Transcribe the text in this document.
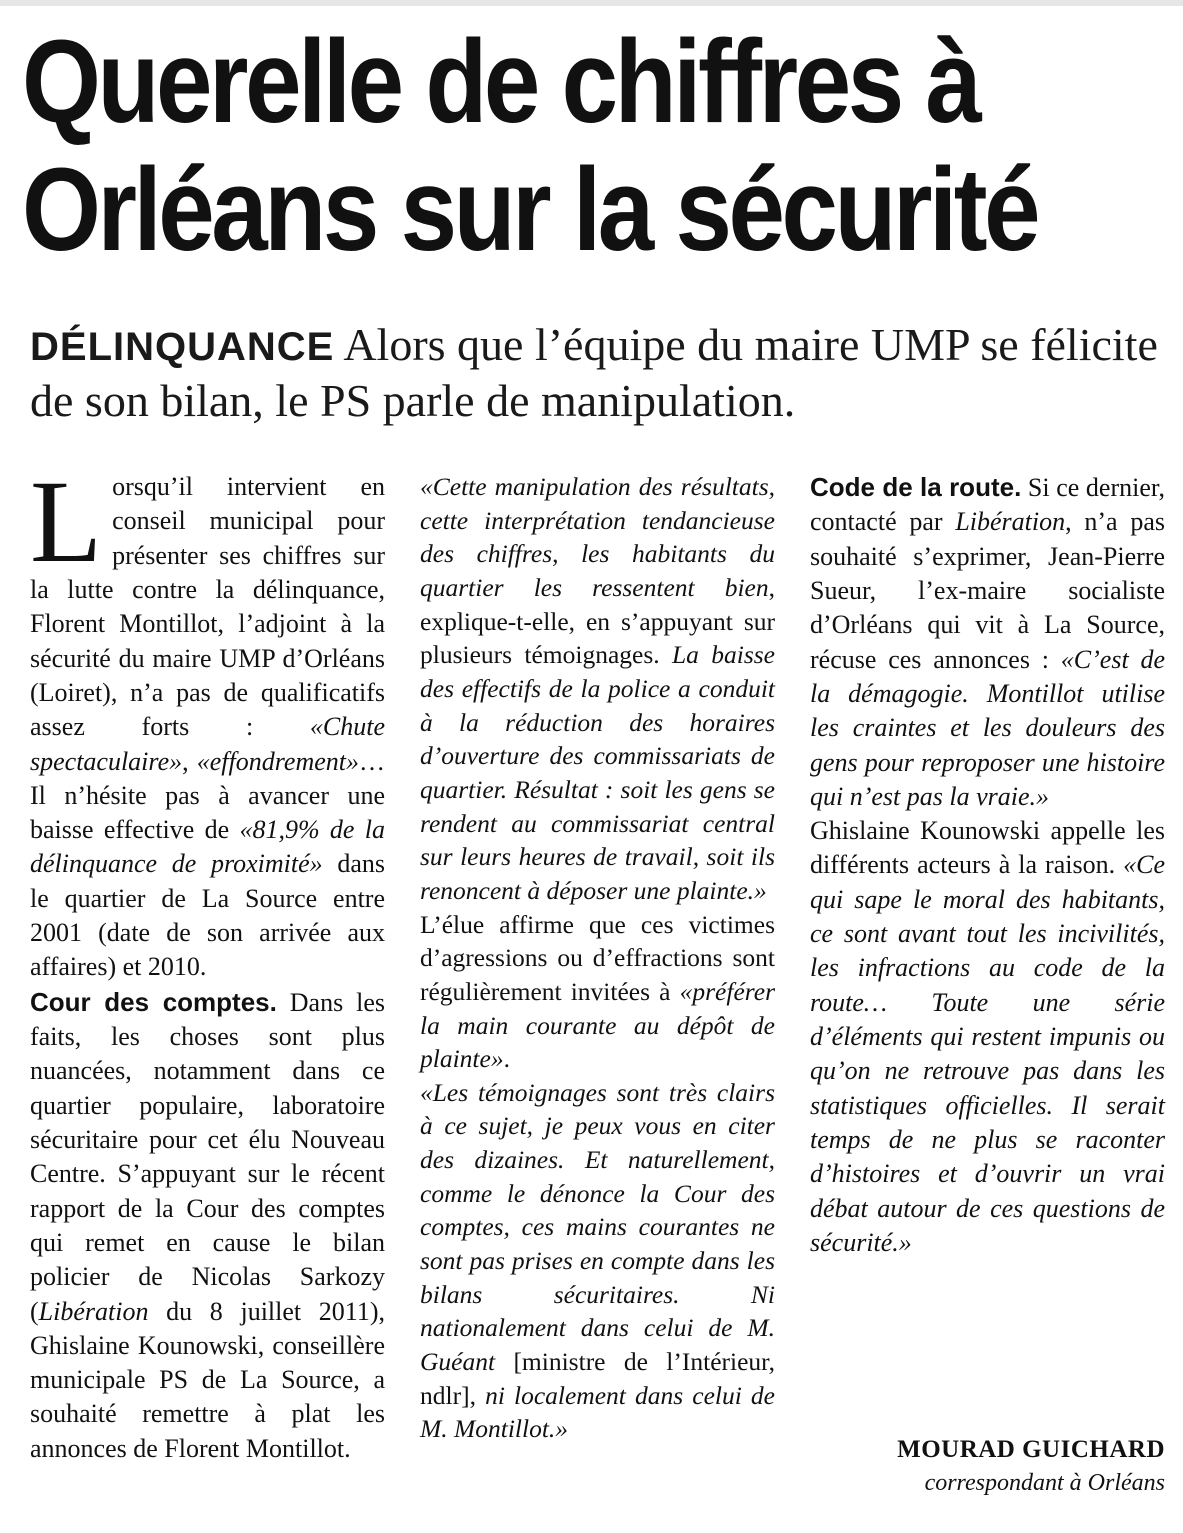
Querelle de chiffres à
Orléans sur la sécurité
DÉLINQUANCE Alors que l’équipe du maire UMP se félicite de son bilan, le PS parle de manipulation.

Lorsqu’il intervient en conseil municipal pour présenter ses chiffres sur la lutte contre la délinquance, Florent Montillot, l’adjoint à la sécurité du maire UMP d’Orléans (Loiret), n’a pas de qualificatifs assez forts : «Chute spectaculaire», «effondrement»… Il n’hésite pas à avancer une baisse effective de «81,9% de la délinquance de proximité» dans le quartier de La Source entre 2001 (date de son arrivée aux affaires) et 2010.

Cour des comptes. Dans les faits, les choses sont plus nuancées, notamment dans ce quartier populaire, laboratoire sécuritaire pour cet élu Nouveau Centre. S’appuyant sur le récent rapport de la Cour des comptes qui remet en cause le bilan policier de Nicolas Sarkozy (Libération du 8 juillet 2011), Ghislaine Kounowski, conseillère municipale PS de La Source, a souhaité remettre à plat les annonces de Florent Montillot.

«Cette manipulation des résultats, cette interprétation tendancieuse des chiffres, les habitants du quartier les ressentent bien, explique-t-elle, en s’appuyant sur plusieurs témoignages. La baisse des effectifs de la police a conduit à la réduction des horaires d’ouverture des commissariats de quartier. Résultat : soit les gens se rendent au commissariat central sur leurs heures de travail, soit ils renoncent à déposer une plainte.»

L’élue affirme que ces victimes d’agressions ou d’effractions sont régulièrement invitées à «préférer la main courante au dépôt de plainte».

«Les témoignages sont très clairs à ce sujet, je peux vous en citer des dizaines. Et naturellement, comme le dénonce la Cour des comptes, ces mains courantes ne sont pas prises en compte dans les bilans sécuritaires. Ni nationalement dans celui de M. Guéant [ministre de l’Intérieur, ndlr], ni localement dans celui de M. Montillot.»

Code de la route. Si ce dernier, contacté par Libération, n’a pas souhaité s’exprimer, Jean-Pierre Sueur, l’ex-maire socialiste d’Orléans qui vit à La Source, récuse ces annonces : «C’est de la démagogie. Montillot utilise les craintes et les douleurs des gens pour reproposer une histoire qui n’est pas la vraie.»

Ghislaine Kounowski appelle les différents acteurs à la raison. «Ce qui sape le moral des habitants, ce sont avant tout les incivilités, les infractions au code de la route… Toute une série d’éléments qui restent impunis ou qu’on ne retrouve pas dans les statistiques officielles. Il serait temps de ne plus se raconter d’histoires et d’ouvrir un vrai débat autour de ces questions de sécurité.»

MOURAD GUICHARD
correspondant à Orléans
